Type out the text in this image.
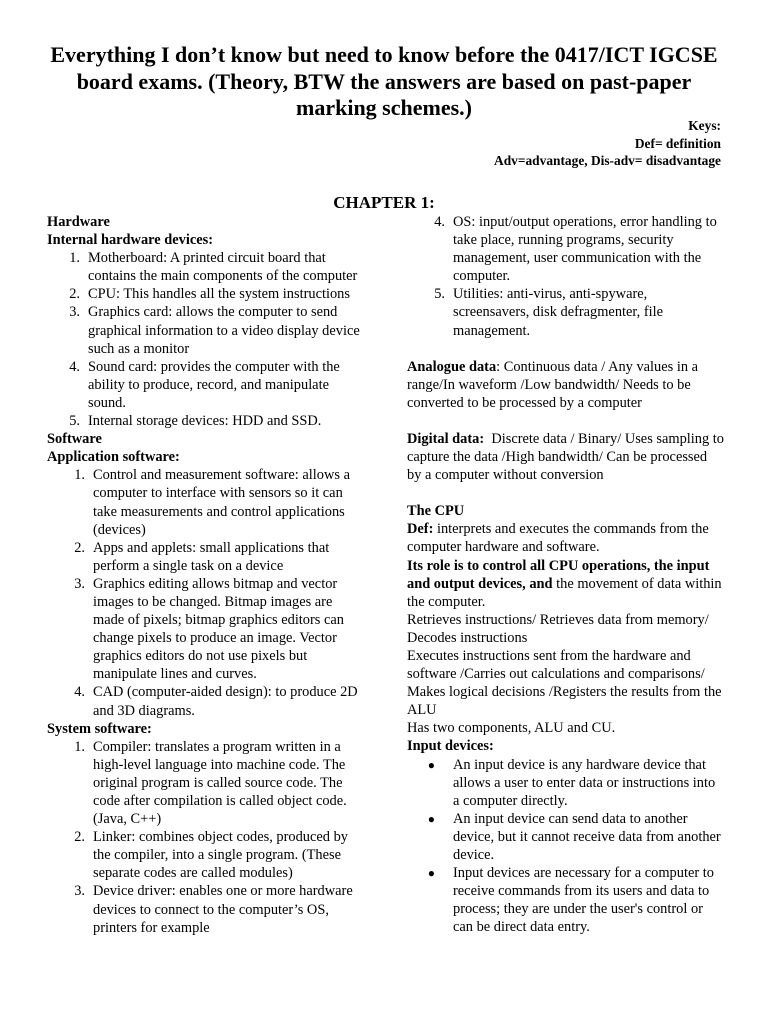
Everything I don’t know but need to know before the 0417/ICT IGCSE board exams. (Theory, BTW the answers are based on past-paper marking schemes.)
Keys:
Def= definition
Adv=advantage, Dis-adv= disadvantage
CHAPTER 1:
Hardware
Internal hardware devices:
1. Motherboard: A printed circuit board that contains the main components of the computer
2. CPU: This handles all the system instructions
3. Graphics card: allows the computer to send graphical information to a video display device such as a monitor
4. Sound card: provides the computer with the ability to produce, record, and manipulate sound.
5. Internal storage devices: HDD and SSD.
Software
Application software:
1. Control and measurement software: allows a computer to interface with sensors so it can take measurements and control applications (devices)
2. Apps and applets: small applications that perform a single task on a device
3. Graphics editing allows bitmap and vector images to be changed. Bitmap images are made of pixels; bitmap graphics editors can change pixels to produce an image. Vector graphics editors do not use pixels but manipulate lines and curves.
4. CAD (computer-aided design): to produce 2D and 3D diagrams.
System software:
1. Compiler: translates a program written in a high-level language into machine code. The original program is called source code. The code after compilation is called object code. (Java, C++)
2. Linker: combines object codes, produced by the compiler, into a single program. (These separate codes are called modules)
3. Device driver: enables one or more hardware devices to connect to the computer’s OS, printers for example
4. OS: input/output operations, error handling to take place, running programs, security management, user communication with the computer.
5. Utilities: anti-virus, anti-spyware, screensavers, disk defragmenter, file management.
Analogue data: Continuous data / Any values in a range/In waveform /Low bandwidth/ Needs to be converted to be processed by a computer
Digital data:  Discrete data / Binary/ Uses sampling to capture the data /High bandwidth/ Can be processed by a computer without conversion
The CPU
Def: interprets and executes the commands from the computer hardware and software.
Its role is to control all CPU operations, the input and output devices, and the movement of data within the computer.
Retrieves instructions/ Retrieves data from memory/ Decodes instructions
Executes instructions sent from the hardware and software /Carries out calculations and comparisons/ Makes logical decisions /Registers the results from the ALU
Has two components, ALU and CU.
Input devices:
● An input device is any hardware device that allows a user to enter data or instructions into a computer directly.
● An input device can send data to another device, but it cannot receive data from another device.
● Input devices are necessary for a computer to receive commands from its users and data to process; they are under the user's control or can be direct data entry.
